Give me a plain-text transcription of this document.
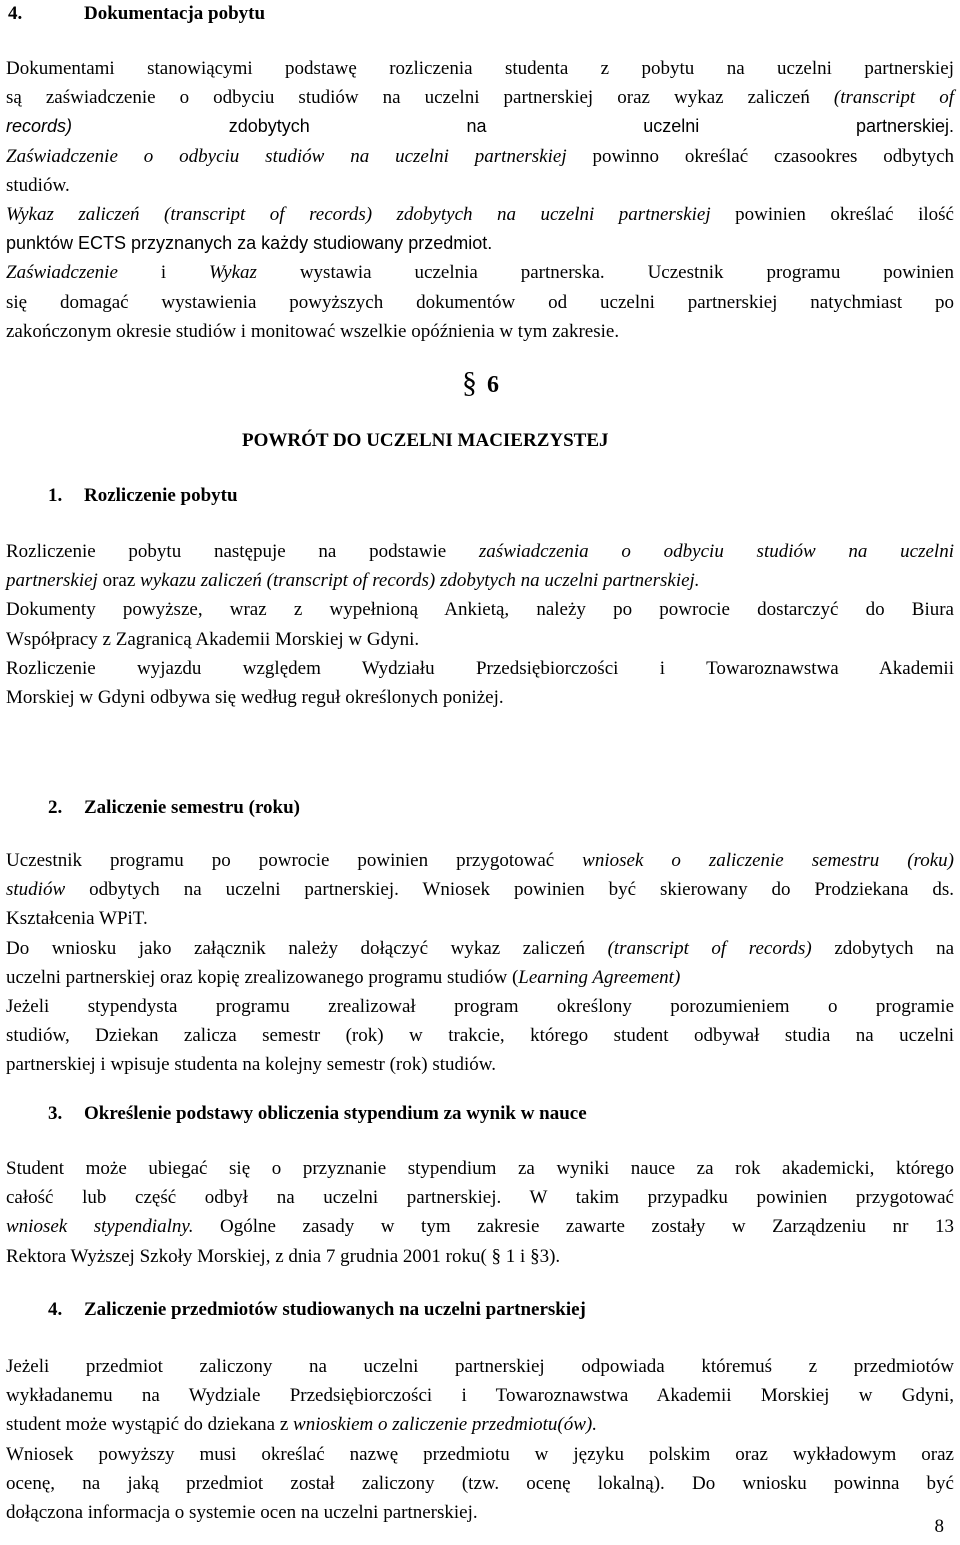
4.	Dokumentacja pobytu
Dokumentami stanowiącymi podstawę rozliczenia studenta z pobytu na uczelni partnerskiej
są zaświadczenie o odbyciu studiów na uczelni partnerskiej oraz wykaz zaliczeń (transcript of
records) zdobytych na uczelni partnerskiej.
Zaświadczenie o odbyciu studiów na uczelni partnerskiej powinno określać czasookres odbytych
studiów.
Wykaz zaliczeń (transcript of records) zdobytych na uczelni partnerskiej powinien określać ilość
punktów ECTS przyznanych za każdy studiowany przedmiot.
Zaświadczenie i Wykaz wystawia uczelnia partnerska. Uczestnik programu powinien
się domagać wystawienia powyższych dokumentów od uczelni partnerskiej natychmiast po
zakończonym okresie studiów i monitować wszelkie opóźnienia w tym zakresie.
§ 6
POWRÓT DO UCZELNI MACIERZYSTEJ
1. Rozliczenie pobytu
Rozliczenie pobytu następuje na podstawie zaświadczenia o odbyciu studiów na uczelni
partnerskiej oraz wykazu zaliczeń (transcript of records) zdobytych na uczelni partnerskiej.
Dokumenty powyższe, wraz z wypełnioną Ankietą, należy po powrocie dostarczyć do Biura
Współpracy z Zagranicą Akademii Morskiej w Gdyni.
Rozliczenie wyjazdu względem Wydziału Przedsiębiorczości i Towaroznawstwa Akademii
Morskiej w Gdyni odbywa się według reguł określonych poniżej.
2. Zaliczenie semestru (roku)
Uczestnik programu po powrocie powinien przygotować wniosek o zaliczenie semestru (roku)
studiów odbytych na uczelni partnerskiej. Wniosek powinien być skierowany do Prodziekana ds.
Kształcenia WPiT.
Do wniosku jako załącznik należy dołączyć wykaz zaliczeń (transcript of records) zdobytych na
uczelni partnerskiej oraz kopię zrealizowanego programu studiów (Learning Agreement)
Jeżeli stypendysta programu zrealizował program określony porozumieniem o programie
studiów, Dziekan zalicza semestr (rok) w trakcie, którego student odbywał studia na uczelni
partnerskiej i wpisuje studenta na kolejny semestr (rok) studiów.
3. Określenie podstawy obliczenia stypendium za wynik w nauce
Student może ubiegać się o przyznanie stypendium za wyniki nauce za rok akademicki, którego
całość lub część odbył na uczelni partnerskiej. W takim przypadku powinien przygotować
wniosek stypendialny. Ogólne zasady w tym zakresie zawarte zostały w Zarządzeniu nr 13
Rektora Wyższej Szkoły Morskiej, z dnia 7 grudnia 2001 roku( § 1 i §3).
4. Zaliczenie przedmiotów studiowanych na uczelni partnerskiej
Jeżeli przedmiot zaliczony na uczelni partnerskiej odpowiada któremuś z przedmiotów
wykładanemu na Wydziale Przedsiębiorczości i Towaroznawstwa Akademii Morskiej w Gdyni,
student może wystąpić do dziekana z wnioskiem o zaliczenie przedmiotu(ów).
Wniosek powyższy musi określać nazwę przedmiotu w języku polskim oraz wykładowym oraz
ocenę, na jaką przedmiot został zaliczony (tzw. ocenę lokalną). Do wniosku powinna być
dołączona informacja o systemie ocen na uczelni partnerskiej.
8
